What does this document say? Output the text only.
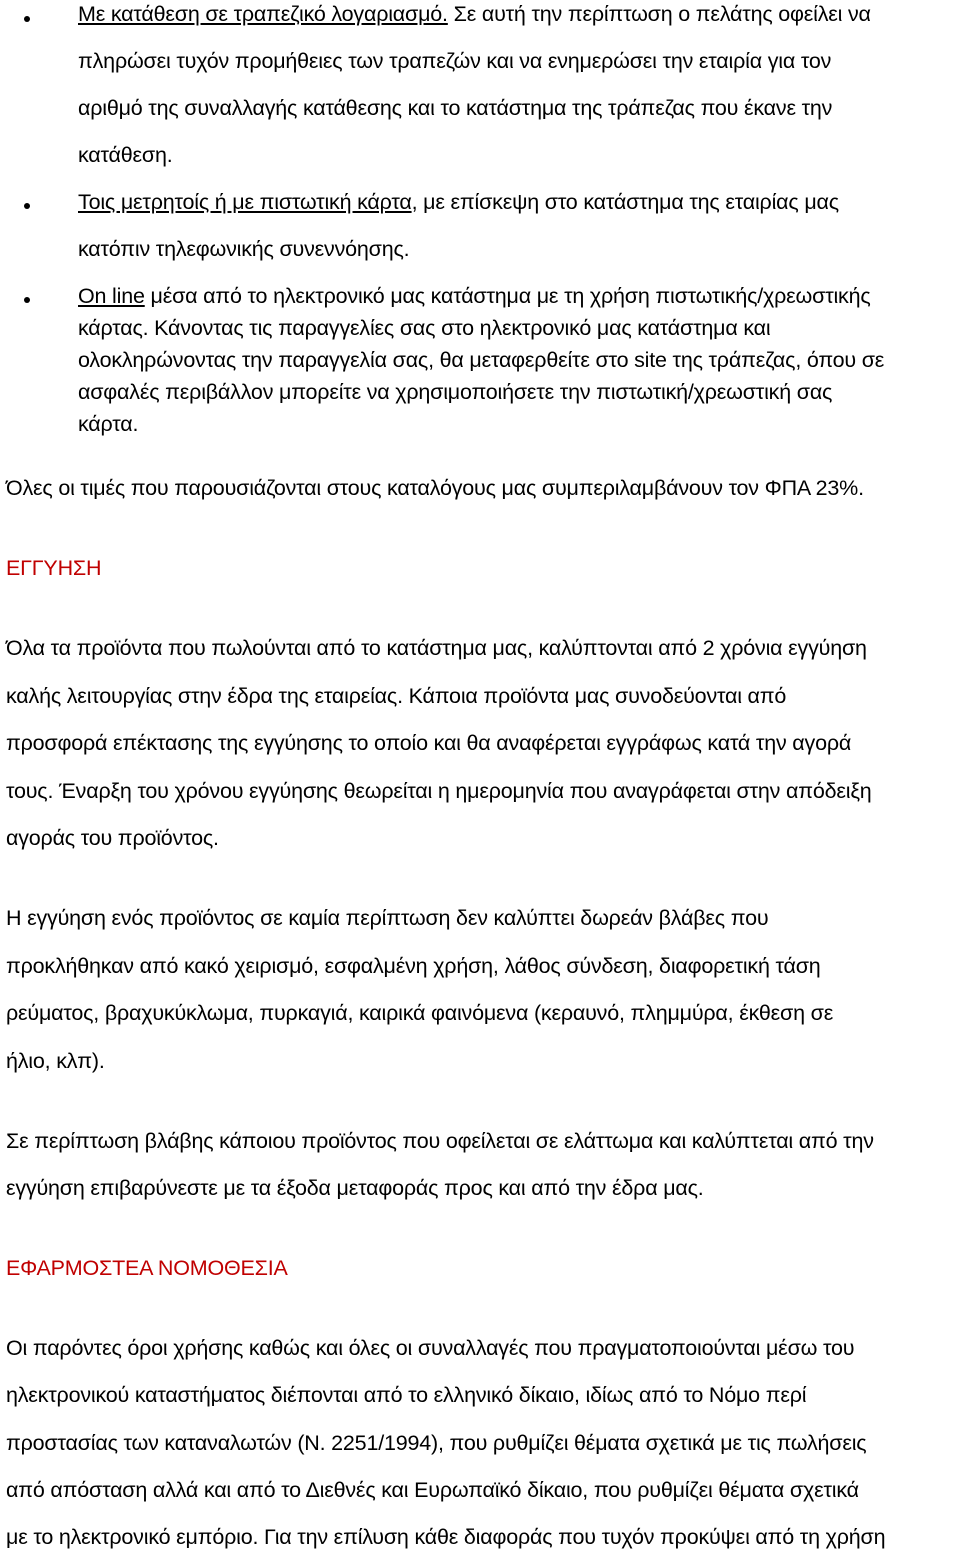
Με κατάθεση σε τραπεζικό λογαριασμό. Σε αυτή την περίπτωση ο πελάτης οφείλει να
πληρώσει τυχόν προμήθειες των τραπεζών και να ενημερώσει την εταιρία για τον
αριθμό της συναλλαγής κατάθεσης και το κατάστημα της τράπεζας που έκανε την
κατάθεση.
Τοις μετρητοίς ή με πιστωτική κάρτα, με επίσκεψη στο κατάστημα της εταιρίας μας
κατόπιν τηλεφωνικής συνεννόησης.
On line μέσα από το ηλεκτρονικό μας κατάστημα με τη χρήση πιστωτικής/χρεωστικής
κάρτας. Κάνοντας τις παραγγελίες σας στο ηλεκτρονικό μας κατάστημα και
ολοκληρώνοντας την παραγγελία σας, θα μεταφερθείτε στο site της τράπεζας, όπου σε
ασφαλές περιβάλλον μπορείτε να χρησιμοποιήσετε την πιστωτική/χρεωστική σας
κάρτα.
Όλες οι τιμές που παρουσιάζονται στους καταλόγους μας συμπεριλαμβάνουν τον ΦΠΑ 23%.
ΕΓΓΥΗΣΗ
Όλα τα προϊόντα που πωλούνται από το κατάστημα μας, καλύπτονται από 2 χρόνια εγγύηση
καλής λειτουργίας στην έδρα της εταιρείας. Κάποια προϊόντα μας συνοδεύονται από
προσφορά επέκτασης της εγγύησης το οποίο και θα αναφέρεται εγγράφως κατά την αγορά
τους. Έναρξη του χρόνου εγγύησης θεωρείται η ημερομηνία που αναγράφεται στην απόδειξη
αγοράς του προϊόντος.
Η εγγύηση ενός προϊόντος σε καμία περίπτωση δεν καλύπτει δωρεάν βλάβες που
προκλήθηκαν από κακό χειρισμό, εσφαλμένη χρήση, λάθος σύνδεση, διαφορετική τάση
ρεύματος, βραχυκύκλωμα, πυρκαγιά, καιρικά φαινόμενα (κεραυνό, πλημμύρα, έκθεση σε
ήλιο, κλπ).
Σε περίπτωση βλάβης κάποιου προϊόντος που οφείλεται σε ελάττωμα και καλύπτεται από την
εγγύηση επιβαρύνεστε με τα έξοδα μεταφοράς προς και από την έδρα μας.
ΕΦΑΡΜΟΣΤΕΑ ΝΟΜΟΘΕΣΙΑ
Οι παρόντες όροι χρήσης καθώς και όλες οι συναλλαγές που πραγματοποιούνται μέσω του
ηλεκτρονικού καταστήματος διέπονται από το ελληνικό δίκαιο, ιδίως από το Νόμο περί
προστασίας των καταναλωτών (Ν. 2251/1994), που ρυθμίζει θέματα σχετικά με τις πωλήσεις
από απόσταση αλλά και από το Διεθνές και Ευρωπαϊκό δίκαιο, που ρυθμίζει θέματα σχετικά
με το ηλεκτρονικό εμπόριο. Για την επίλυση κάθε διαφοράς που τυχόν προκύψει από τη χρήση
